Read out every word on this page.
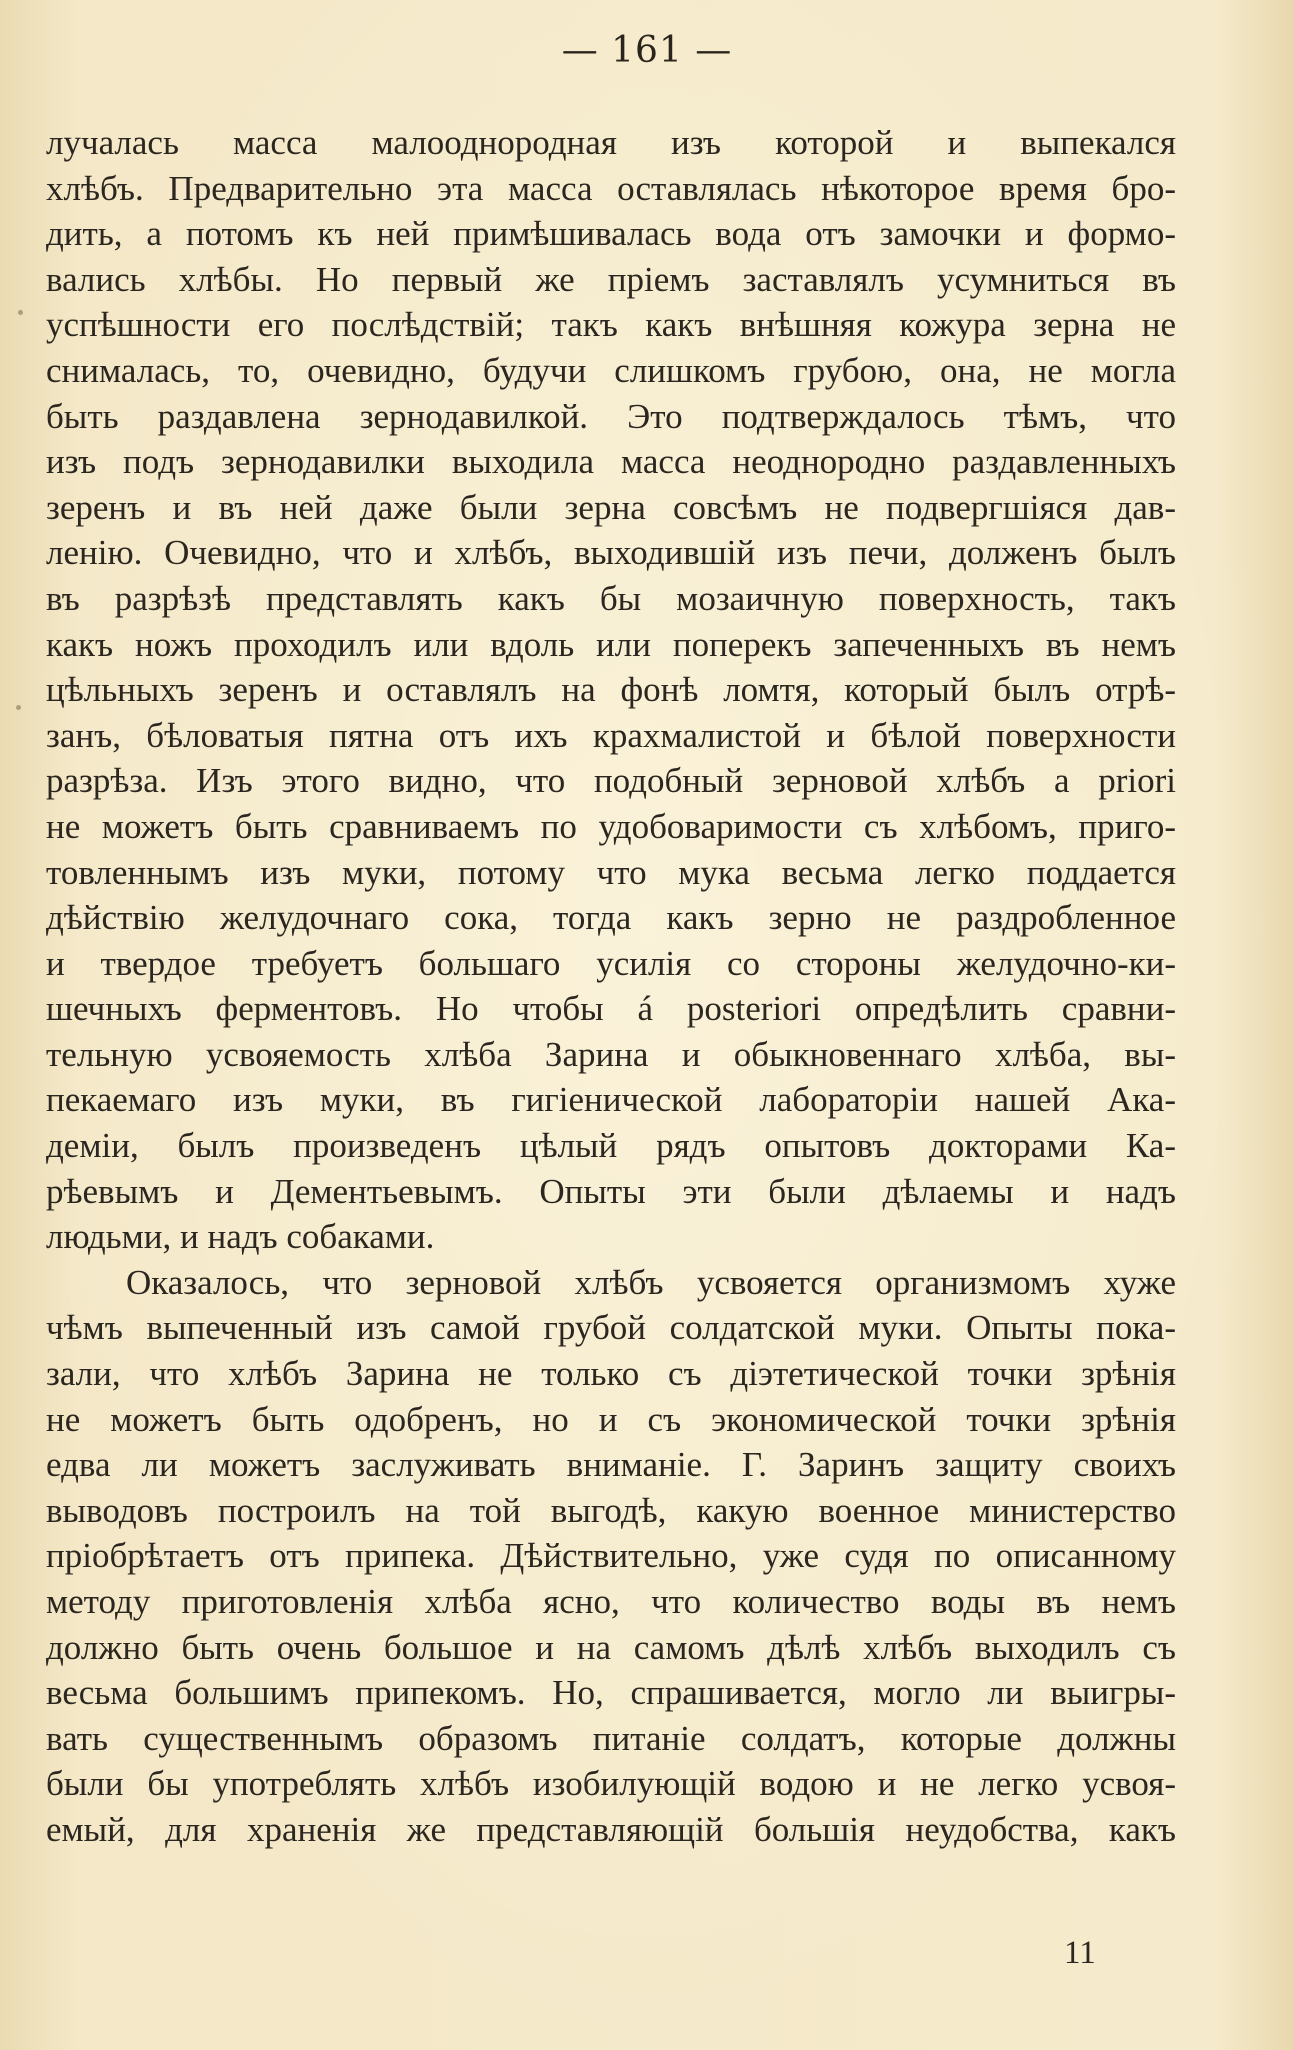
— 161 —
лучалась масса малооднородная изъ которой и выпекался
хлѣбъ. Предварительно эта масса оставлялась нѣкоторое время бро-
дить, а потомъ къ ней примѣшивалась вода отъ замочки и формо-
вались хлѣбы. Но первый же пріемъ заставлялъ усумниться въ
успѣшности его послѣдствій; такъ какъ внѣшняя кожура зерна не
снималась, то, очевидно, будучи слишкомъ грубою, она, не могла
быть раздавлена зернодавилкой. Это подтверждалось тѣмъ, что
изъ подъ зернодавилки выходила масса неоднородно раздавленныхъ
зеренъ и въ ней даже были зерна совсѣмъ не подвергшіяся дав-
ленію. Очевидно, что и хлѣбъ, выходившій изъ печи, долженъ былъ
въ разрѣзѣ представлять какъ бы мозаичную поверхность, такъ
какъ ножъ проходилъ или вдоль или поперекъ запеченныхъ въ немъ
цѣльныхъ зеренъ и оставлялъ на фонѣ ломтя, который былъ отрѣ-
занъ, бѣловатыя пятна отъ ихъ крахмалистой и бѣлой поверхности
разрѣза. Изъ этого видно, что подобный зерновой хлѣбъ a priori
не можетъ быть сравниваемъ по удобоваримости съ хлѣбомъ, приго-
товленнымъ изъ муки, потому что мука весьма легко поддается
дѣйствію желудочнаго сока, тогда какъ зерно не раздробленное
и твердое требуетъ большаго усилія со стороны желудочно-ки-
шечныхъ ферментовъ. Но чтобы á posteriori опредѣлить сравни-
тельную усвояемость хлѣба Зарина и обыкновеннаго хлѣба, вы-
пекаемаго изъ муки, въ гигіенической лабораторіи нашей Ака-
деміи, былъ произведенъ цѣлый рядъ опытовъ докторами Ка-
рѣевымъ и Дементьевымъ. Опыты эти были дѣлаемы и надъ
людьми, и надъ собаками.
Оказалось, что зерновой хлѣбъ усвояется организмомъ хуже
чѣмъ выпеченный изъ самой грубой солдатской муки. Опыты пока-
зали, что хлѣбъ Зарина не только съ діэтетической точки зрѣнія
не можетъ быть одобренъ, но и съ экономической точки зрѣнія
едва ли можетъ заслуживать вниманіе. Г. Заринъ защиту своихъ
выводовъ построилъ на той выгодѣ, какую военное министерство
пріобрѣтаетъ отъ припека. Дѣйствительно, уже судя по описанному
методу приготовленія хлѣба ясно, что количество воды въ немъ
должно быть очень большое и на самомъ дѣлѣ хлѣбъ выходилъ съ
весьма большимъ припекомъ. Но, спрашивается, могло ли выигры-
вать существеннымъ образомъ питаніе солдатъ, которые должны
были бы употреблять хлѣбъ изобилующій водою и не легко усвоя-
емый, для храненія же представляющій большія неудобства, какъ
11
